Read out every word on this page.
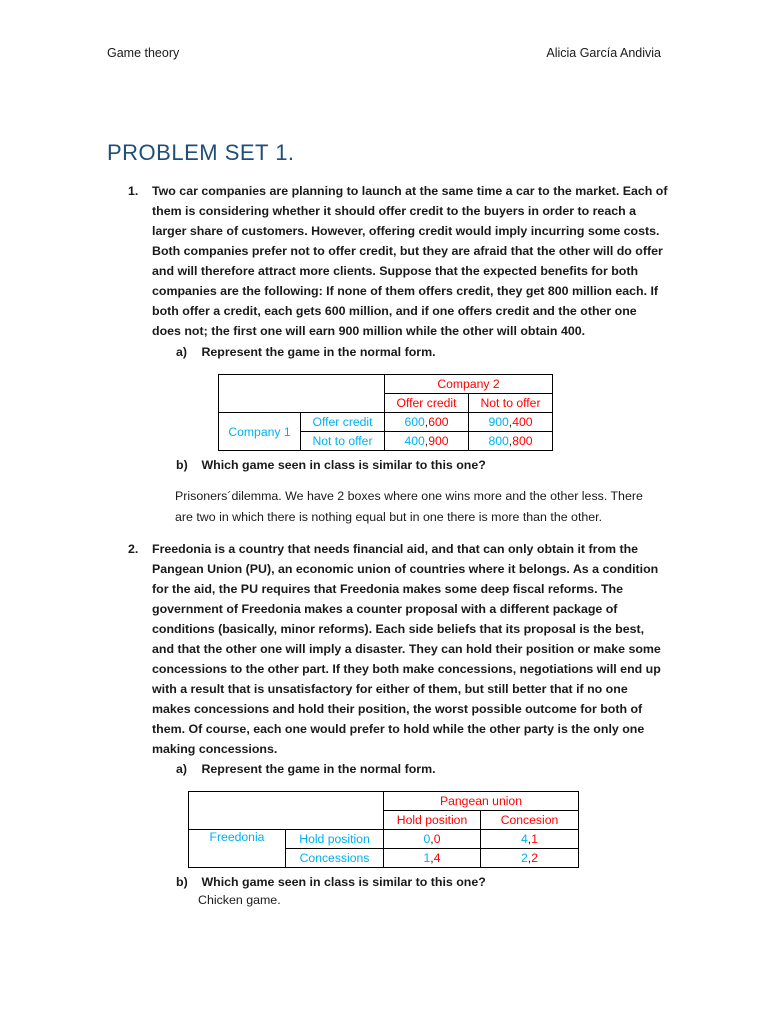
Game theory	Alicia García Andivia
PROBLEM SET 1.
1. Two car companies are planning to launch at the same time a car to the market. Each of them is considering whether it should offer credit to the buyers in order to reach a larger share of customers. However, offering credit would imply incurring some costs. Both companies prefer not to offer credit, but they are afraid that the other will do offer and will therefore attract more clients. Suppose that the expected benefits for both companies are the following: If none of them offers credit, they get 800 million each. If both offer a credit, each gets 600 million, and if one offers credit and the other one does not; the first one will earn 900 million while the other will obtain 400.
a) Represent the game in the normal form.
		Company 2	
		Offer credit	Not to offer
Company 1	Offer credit	600,600	900,400
	Not to offer	400,900	800,800
b) Which game seen in class is similar to this one?
Prisoners´dilemma. We have 2 boxes where one wins more and the other less. There are two in which there is nothing equal but in one there is more than the other.
2. Freedonia is a country that needs financial aid, and that can only obtain it from the Pangean Union (PU), an economic union of countries where it belongs. As a condition for the aid, the PU requires that Freedonia makes some deep fiscal reforms. The government of Freedonia makes a counter proposal with a different package of conditions (basically, minor reforms). Each side beliefs that its proposal is the best, and that the other one will imply a disaster. They can hold their position or make some concessions to the other part. If they both make concessions, negotiations will end up with a result that is unsatisfactory for either of them, but still better that if no one makes concessions and hold their position, the worst possible outcome for both of them. Of course, each one would prefer to hold while the other party is the only one making concessions.
a) Represent the game in the normal form.
		Pangean union	
		Hold position	Concesion
Freedonia	Hold position	0,0	4,1
	Concessions	1,4	2,2
b) Which game seen in class is similar to this one?
Chicken game.
